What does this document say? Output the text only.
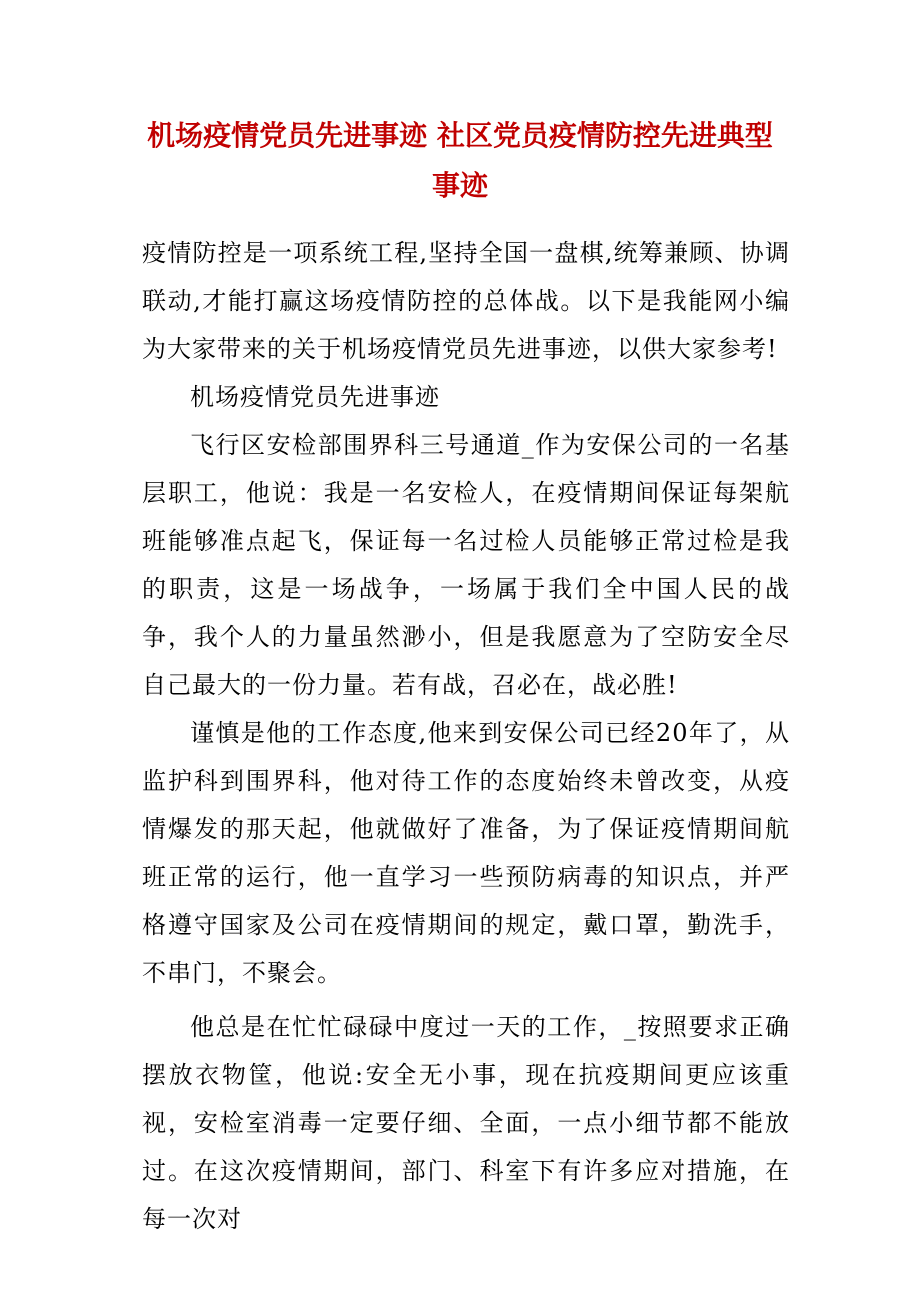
机场疫情党员先进事迹 社区党员疫情防控先进典型
事迹

疫情防控是一项系统工程,坚持全国一盘棋,统筹兼顾、协调联动,才能打赢这场疫情防控的总体战。以下是我能网小编为大家带来的关于机场疫情党员先进事迹，以供大家参考!

机场疫情党员先进事迹

飞行区安检部围界科三号通道_作为安保公司的一名基层职工，他说：我是一名安检人，在疫情期间保证每架航班能够准点起飞，保证每一名过检人员能够正常过检是我的职责，这是一场战争，一场属于我们全中国人民的战争，我个人的力量虽然渺小，但是我愿意为了空防安全尽自己最大的一份力量。若有战，召必在，战必胜!

谨慎是他的工作态度,他来到安保公司已经20年了，从监护科到围界科，他对待工作的态度始终未曾改变，从疫情爆发的那天起，他就做好了准备，为了保证疫情期间航班正常的运行，他一直学习一些预防病毒的知识点，并严格遵守国家及公司在疫情期间的规定，戴口罩，勤洗手，不串门，不聚会。

他总是在忙忙碌碌中度过一天的工作，_按照要求正确摆放衣物筐，他说:安全无小事，现在抗疫期间更应该重视，安检室消毒一定要仔细、全面，一点小细节都不能放过。在这次疫情期间，部门、科室下有许多应对措施，在每一次对
